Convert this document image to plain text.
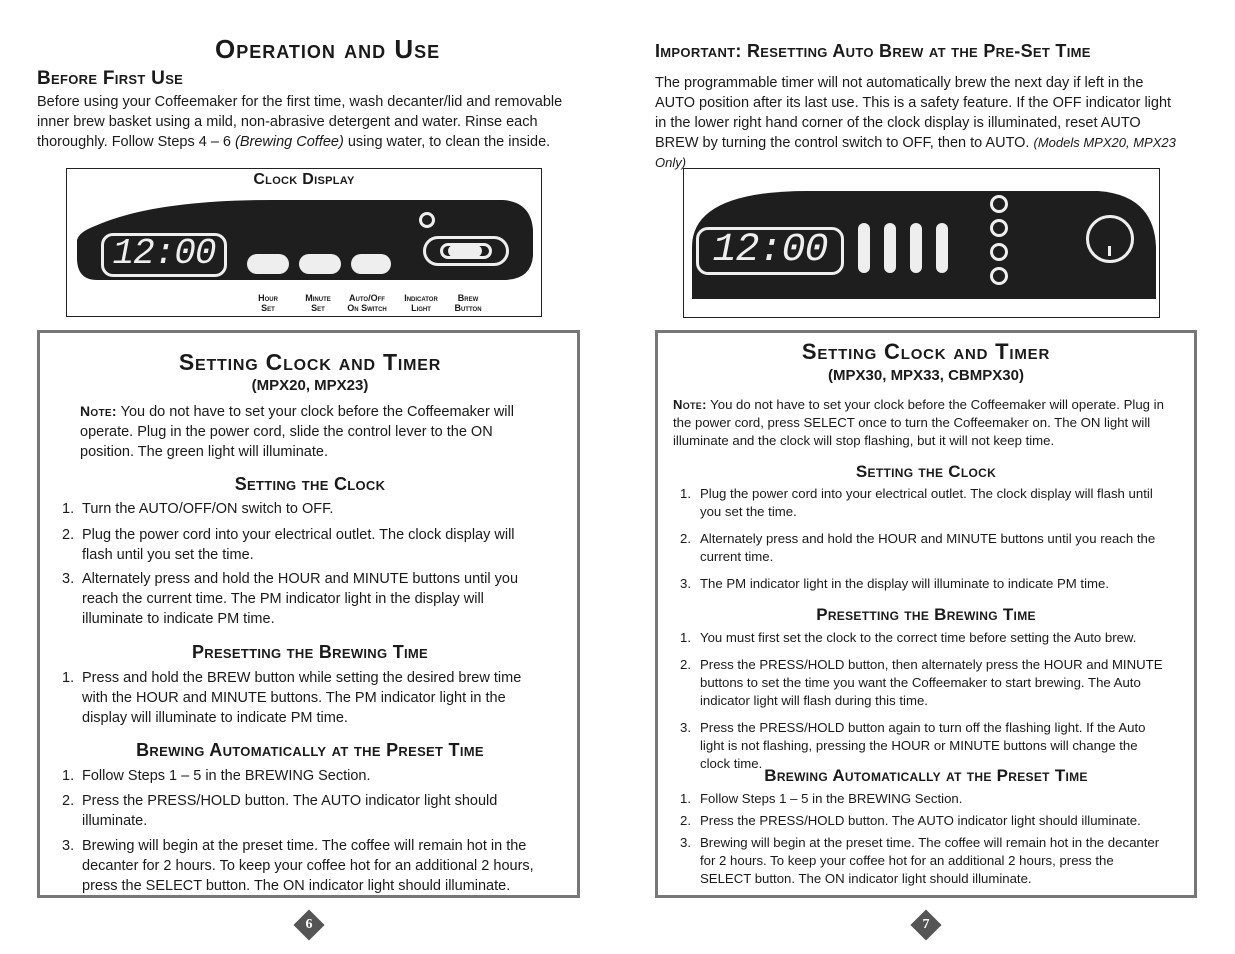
Operation and Use
Before First Use
Before using your Coffeemaker for the first time, wash decanter/lid and removable inner brew basket using a mild, non-abrasive detergent and water. Rinse each thoroughly. Follow Steps 4 – 6 (Brewing Coffee) using water, to clean the inside.
Clock Display
12:00
Hour
Set
Minute
Set
Auto/Off
On Switch
Indicator
Light
Brew
Button
Setting Clock and Timer
(MPX20, MPX23)
Note: You do not have to set your clock before the Coffeemaker will operate. Plug in the power cord, slide the control lever to the ON position. The green light will illuminate.
Setting the Clock
1. Turn the AUTO/OFF/ON switch to OFF.
2. Plug the power cord into your electrical outlet. The clock display will flash until you set the time.
3. Alternately press and hold the HOUR and MINUTE buttons until you reach the current time. The PM indicator light in the display will illuminate to indicate PM time.
Presetting the Brewing Time
1. Press and hold the BREW button while setting the desired brew time with the HOUR and MINUTE buttons. The PM indicator light in the display will illuminate to indicate PM time.
Brewing Automatically at the Preset Time
1. Follow Steps 1 – 5 in the BREWING Section.
2. Press the PRESS/HOLD button. The AUTO indicator light should illuminate.
3. Brewing will begin at the preset time. The coffee will remain hot in the decanter for 2 hours. To keep your coffee hot for an additional 2 hours, press the SELECT button. The ON indicator light should illuminate.
6
Important: Resetting Auto Brew at the Pre-Set Time
The programmable timer will not automatically brew the next day if left in the AUTO position after its last use. This is a safety feature. If the OFF indicator light in the lower right hand corner of the clock display is illuminated, reset AUTO BREW by turning the control switch to OFF, then to AUTO. (Models MPX20, MPX23 Only)
12:00
Setting Clock and Timer
(MPX30, MPX33, CBMPX30)
Note: You do not have to set your clock before the Coffeemaker will operate. Plug in the power cord, press SELECT once to turn the Coffeemaker on. The ON light will illuminate and the clock will stop flashing, but it will not keep time.
Setting the Clock
1. Plug the power cord into your electrical outlet. The clock display will flash until you set the time.
2. Alternately press and hold the HOUR and MINUTE buttons until you reach the current time.
3. The PM indicator light in the display will illuminate to indicate PM time.
Presetting the Brewing Time
1. You must first set the clock to the correct time before setting the Auto brew.
2. Press the PRESS/HOLD button, then alternately press the HOUR and MINUTE buttons to set the time you want the Coffeemaker to start brewing. The Auto indicator light will flash during this time.
3. Press the PRESS/HOLD button again to turn off the flashing light. If the Auto light is not flashing, pressing the HOUR or MINUTE buttons will change the clock time.
Brewing Automatically at the Preset Time
1. Follow Steps 1 – 5 in the BREWING Section.
2. Press the PRESS/HOLD button. The AUTO indicator light should illuminate.
3. Brewing will begin at the preset time. The coffee will remain hot in the decanter for 2 hours. To keep your coffee hot for an additional 2 hours, press the SELECT button. The ON indicator light should illuminate.
7
